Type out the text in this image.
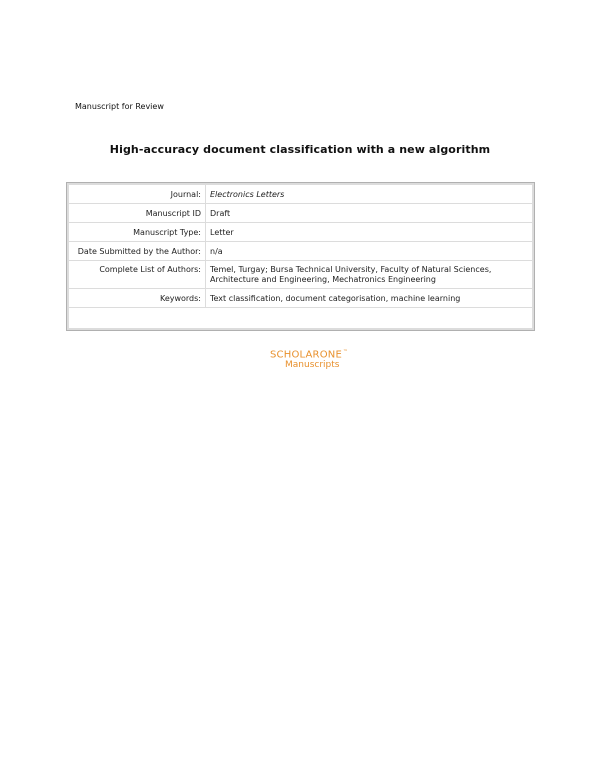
Manuscript for Review
High-accuracy document classification with a new algorithm
Journal:	Electronics Letters
Manuscript ID	Draft
Manuscript Type:	Letter
Date Submitted by the Author:	n/a
Complete List of Authors:	Temel, Turgay; Bursa Technical University, Faculty of Natural Sciences,
Architecture and Engineering, Mechatronics Engineering

Keywords:	Text classification, document categorisation, machine learning

SCHOLARONE™
Manuscripts
